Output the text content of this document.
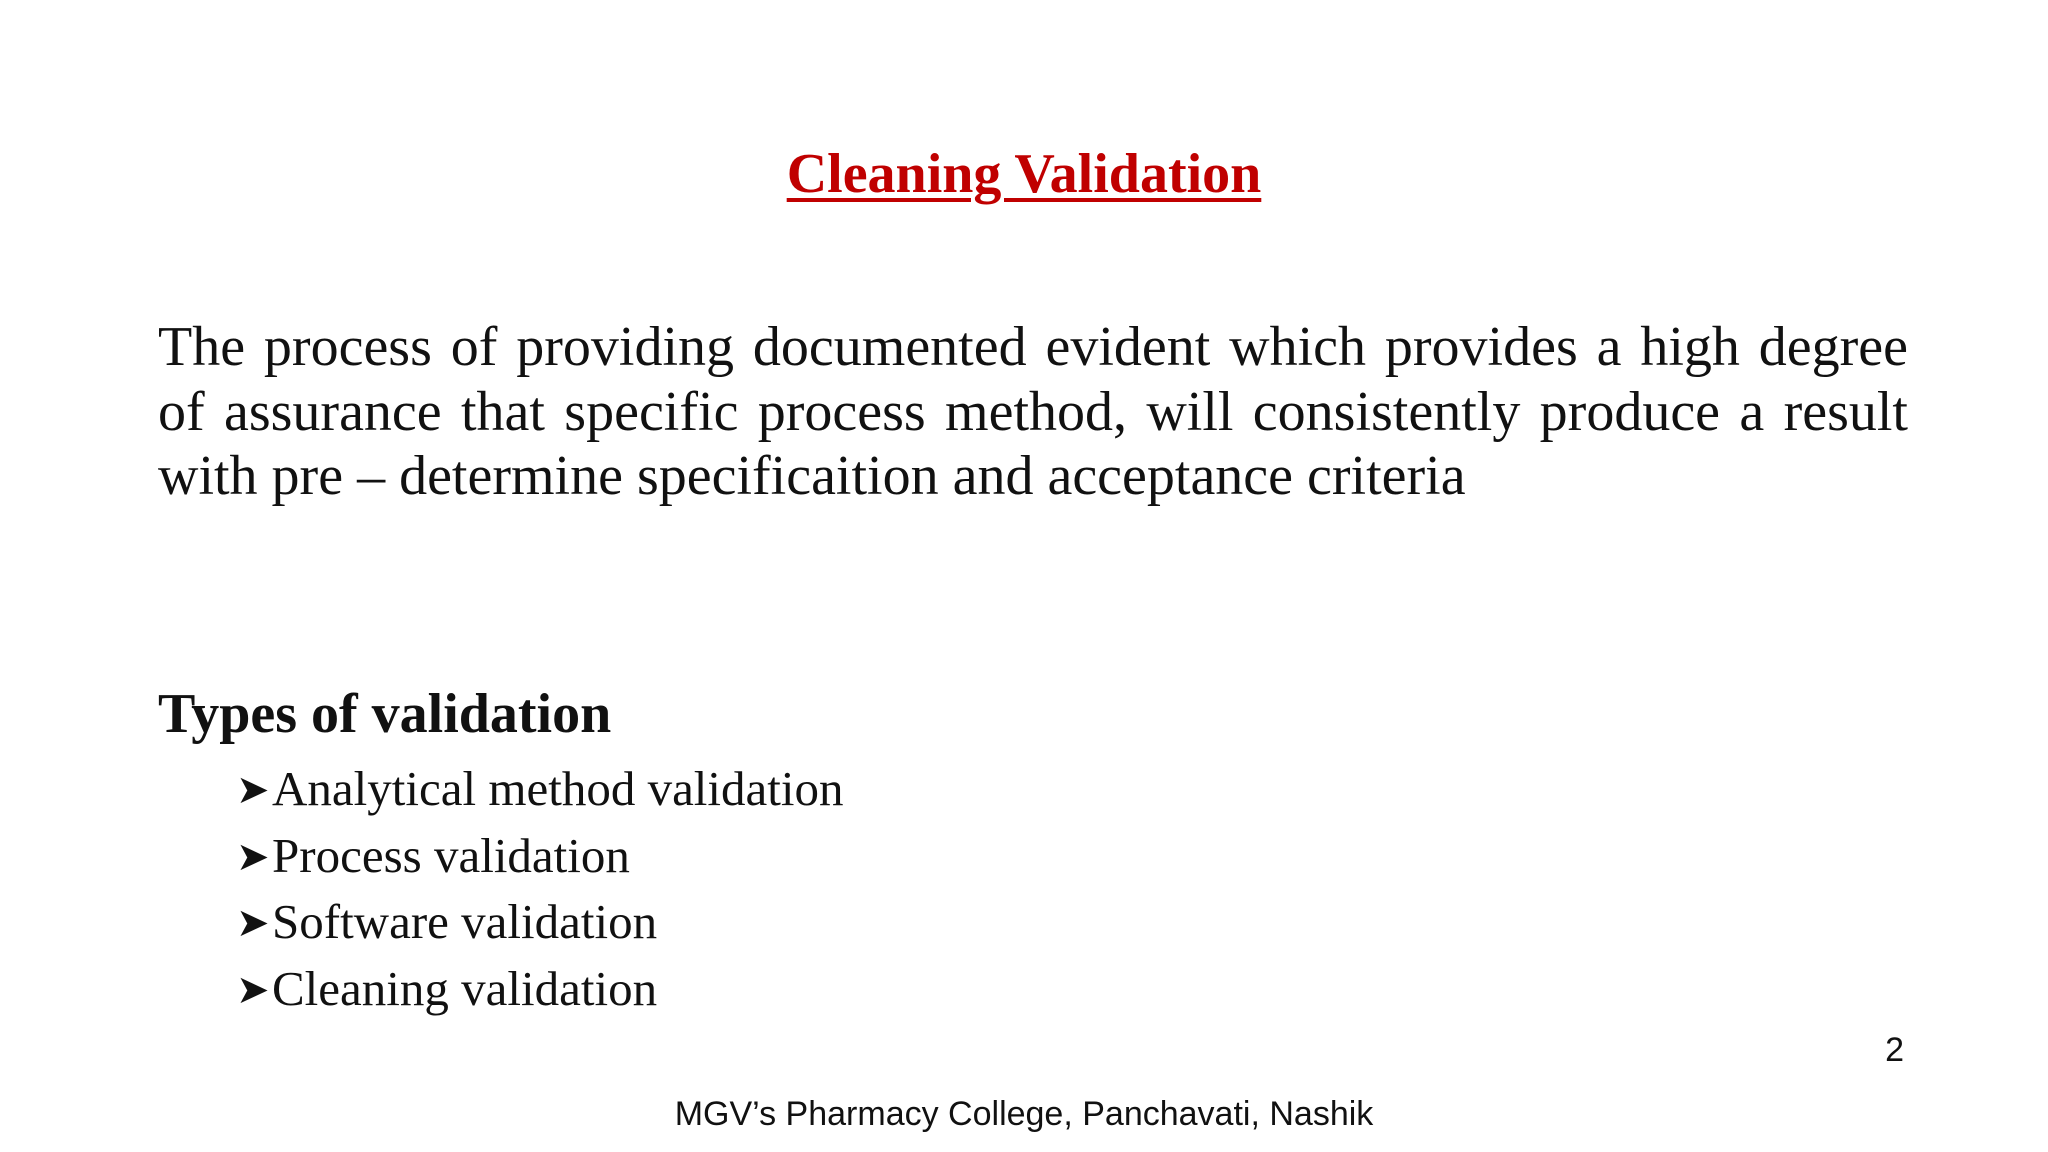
Cleaning Validation

The process of providing documented evident which provides a high degree of assurance that specific process method, will consistently produce a result with pre – determine specificaition and acceptance criteria

Types of validation
➤Analytical method validation
➤Process validation
➤Software validation
➤Cleaning validation
2
MGV’s Pharmacy College, Panchavati, Nashik
